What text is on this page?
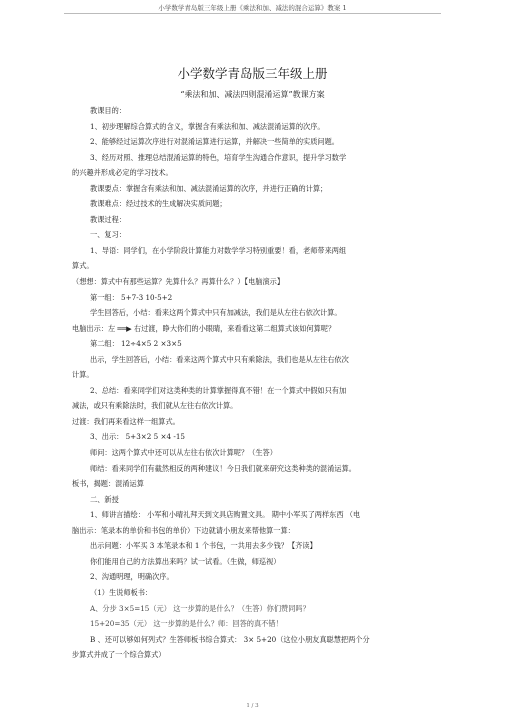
小学数学青岛版三年级上册《乘法和加、减法的混合运算》教案 1
小学数学青岛版三年级上册
“乘法和加、减法四则混淆运算”教课方案
教课目的：
1、初步理解综合算式的含义，掌握含有乘法和加、减法混淆运算的次序。
2、能够经过运算次序进行对混淆运算进行运算，并解决一些简单的实质问题。
3、经历对照、推理总结混淆运算的特色，培育学生沟通合作意识，提升学习数学
的兴趣并形成必定的学习技术。
教课要点：掌握含有乘法和加、减法混淆运算的次序，并进行正确的计算；
教课难点：经过技术的生成解决实质问题；
教课过程：
一、复习：
1、导语：同学们，在小学阶段计算能力对数学学习特别重要！看，老师带来两组
算式。
（想想：算式中有那些运算？先算什么？再算什么？）【电脑演示】
第一组： 5+7-3 10-5+2
学生回答后，小结：看来这两个算式中只有加减法，我们是从左往右依次计算。
电脑出示：左 ══▶ 右过渡，睁大你们的小眼睛，来看看这第二组算式该如何算呢？
第二组： 12÷4×5 2 ×3×5
出示，学生回答后，小结：看来这两个算式中只有乘除法，我们也是从左往右依次
计算。
2、总结：看来同学们对这类种类的计算掌握得真不错！在一个算式中假如只有加
减法，或只有乘除法时，我们就从左往右依次计算。
过渡：我们再来看这样一组算式。
3、出示： 5+3×2 5 ×4 -15
师问：这两个算式中还可以从左往右依次计算呢？（生答）
师结：看来同学们有截然相反的两种建议！今日我们就来研究这类种类的混淆运算。
板书，揭题：混淆运算
二、新授
1、师讲言描绘： 小军和小晴礼拜天到文具店购置文具。 期中小军买了两样东西 （电
脑出示：笔录本的单价和书包的单价）下边就请小朋友来帮他算一算：
出示问题：小军买 3 本笔录本和 1 个书包，一共用去多少钱？【齐读】
你们能用自己的方法算出来吗？试一试看。（生做，师巡视）
2、沟通明理，明确次序。
（1）生说师板书：
A、分步 3×5=15（元） 这一步算的是什么？（生答）你们赞同吗？
15+20=35（元） 这一步算的是什么？师：回答的真不错！
B 、还可以够如何列式？生答师板书综合算式： 3× 5+20（这位小朋友真聪慧把两个分
步算式并成了一个综合算式）
1 / 3
